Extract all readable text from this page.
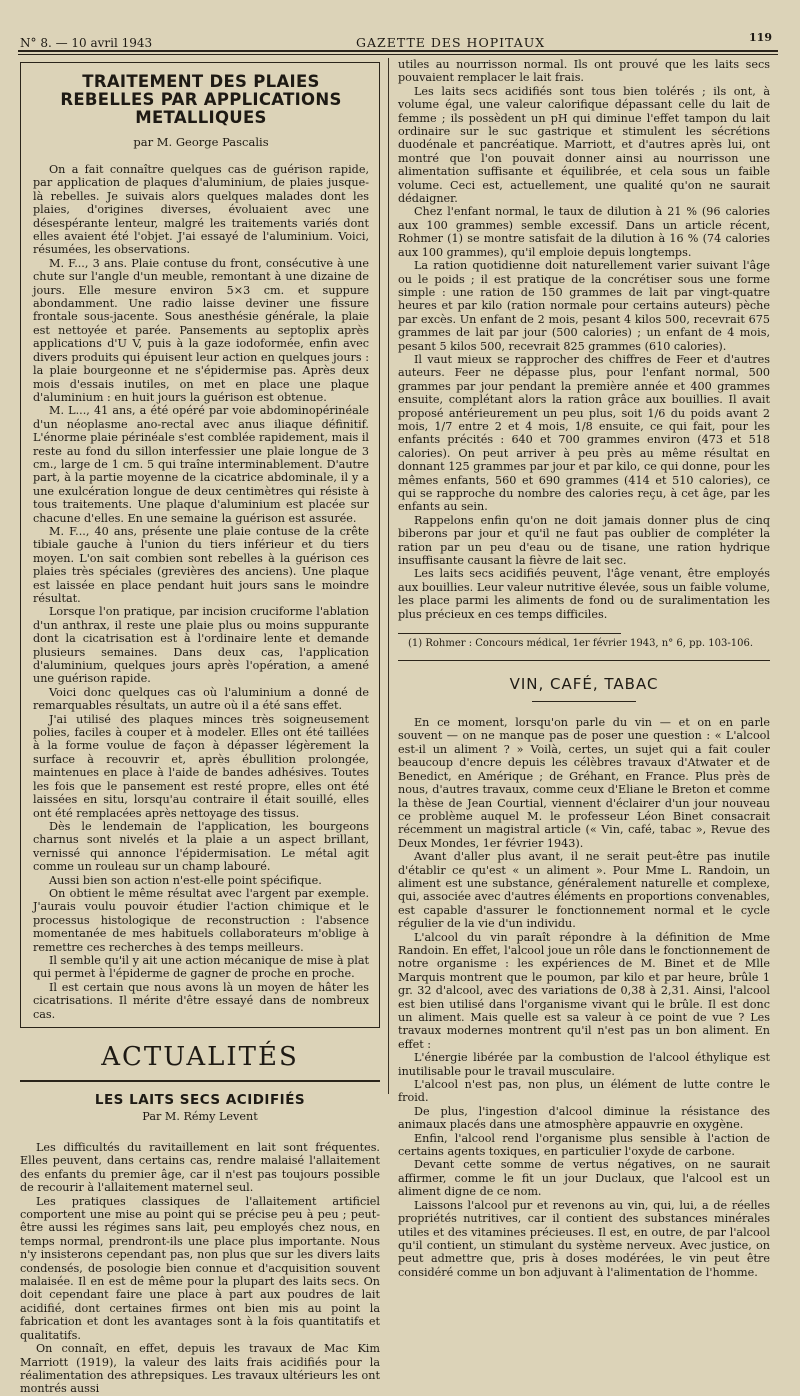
N° 8. — 10 avril 1943	GAZETTE DES HOPITAUX	119
TRAITEMENT DES PLAIES REBELLES PAR APPLICATIONS METALLIQUES
par M. George Pascalis

On a fait connaître quelques cas de guérison rapide, par application de plaques d'aluminium, de plaies jusque-là rebelles. Je suivais alors quelques malades dont les plaies, d'origines diverses, évoluaient avec une désespérante lenteur, malgré les traitements variés dont elles avaient été l'objet. J'ai essayé de l'aluminium. Voici, résumées, les observations.

M. F..., 3 ans. Plaie contuse du front, consécutive à une chute sur l'angle d'un meuble, remontant à une dizaine de jours. Elle mesure environ 5×3 cm. et suppure abondamment. Une radio laisse deviner une fissure frontale sous-jacente. Sous anesthésie générale, la plaie est nettoyée et parée. Pansements au septoplix après applications d'U V, puis à la gaze iodoformée, enfin avec divers produits qui épuisent leur action en quelques jours : la plaie bourgeonne et ne s'épidermise pas. Après deux mois d'essais inutiles, on met en place une plaque d'aluminium : en huit jours la guérison est obtenue.

M. L..., 41 ans, a été opéré par voie abdominopérinéale d'un néoplasme ano-rectal avec anus iliaque définitif. L'énorme plaie périnéale s'est comblée rapidement, mais il reste au fond du sillon interfessier une plaie longue de 3 cm., large de 1 cm. 5 qui traîne interminablement. D'autre part, à la partie moyenne de la cicatrice abdominale, il y a une exulcération longue de deux centimètres qui résiste à tous traitements. Une plaque d'aluminium est placée sur chacune d'elles. En une semaine la guérison est assurée.

M. F..., 40 ans, présente une plaie contuse de la crête tibiale gauche à l'union du tiers inférieur et du tiers moyen. L'on sait combien sont rebelles à la guérison ces plaies très spéciales (grevières des anciens). Une plaque est laissée en place pendant huit jours sans le moindre résultat.

Lorsque l'on pratique, par incision cruciforme l'ablation d'un anthrax, il reste une plaie plus ou moins suppurante dont la cicatrisation est à l'ordinaire lente et demande plusieurs semaines. Dans deux cas, l'application d'aluminium, quelques jours après l'opération, a amené une guérison rapide.

Voici donc quelques cas où l'aluminium a donné de remarquables résultats, un autre où il a été sans effet.

J'ai utilisé des plaques minces très soigneusement polies, faciles à couper et à modeler. Elles ont été taillées à la forme voulue de façon à dépasser légèrement la surface à recouvrir et, après ébullition prolongée, maintenues en place à l'aide de bandes adhésives. Toutes les fois que le pansement est resté propre, elles ont été laissées en situ, lorsqu'au contraire il était souillé, elles ont été remplacées après nettoyage des tissus.

Dès le lendemain de l'application, les bourgeons charnus sont nivelés et la plaie a un aspect brillant, vernissé qui annonce l'épidermisation. Le métal agit comme un rouleau sur un champ labouré.

Aussi bien son action n'est-elle point spécifique.

On obtient le même résultat avec l'argent par exemple. J'aurais voulu pouvoir étudier l'action chimique et le processus histologique de reconstruction : l'absence momentanée de mes habituels collaborateurs m'oblige à remettre ces recherches à des temps meilleurs.

Il semble qu'il y ait une action mécanique de mise à plat qui permet à l'épiderme de gagner de proche en proche.

Il est certain que nous avons là un moyen de hâter les cicatrisations. Il mérite d'être essayé dans de nombreux cas.

ACTUALITÉS
LES LAITS SECS ACIDIFIÉS
Par M. Rémy Levent

Les difficultés du ravitaillement en lait sont fréquentes. Elles peuvent, dans certains cas, rendre malaisé l'allaitement des enfants du premier âge, car il n'est pas toujours possible de recourir à l'allaitement maternel seul.

Les pratiques classiques de l'allaitement artificiel comportent une mise au point qui se précise peu à peu ; peut-être aussi les régimes sans lait, peu employés chez nous, en temps normal, prendront-ils une place plus importante. Nous n'y insisterons cependant pas, non plus que sur les divers laits condensés, de posologie bien connue et d'acquisition souvent malaisée. Il en est de même pour la plupart des laits secs. On doit cependant faire une place à part aux poudres de lait acidifié, dont certaines firmes ont bien mis au point la fabrication et dont les avantages sont à la fois quantitatifs et qualitatifs.

On connaît, en effet, depuis les travaux de Mac Kim Marriott (1919), la valeur des laits frais acidifiés pour la réalimentation des athrepsiques. Les travaux ultérieurs les ont montrés aussi

utiles au nourrisson normal. Ils ont prouvé que les laits secs pouvaient remplacer le lait frais.

Les laits secs acidifiés sont tous bien tolérés ; ils ont, à volume égal, une valeur calorifique dépassant celle du lait de femme ; ils possèdent un pH qui diminue l'effet tampon du lait ordinaire sur le suc gastrique et stimulent les sécrétions duodénale et pancréatique. Marriott, et d'autres après lui, ont montré que l'on pouvait donner ainsi au nourrisson une alimentation suffisante et équilibrée, et cela sous un faible volume. Ceci est, actuellement, une qualité qu'on ne saurait dédaigner.

Chez l'enfant normal, le taux de dilution à 21 % (96 calories aux 100 grammes) semble excessif. Dans un article récent, Rohmer (1) se montre satisfait de la dilution à 16 % (74 calories aux 100 grammes), qu'il emploie depuis longtemps.

La ration quotidienne doit naturellement varier suivant l'âge ou le poids ; il est pratique de la concrétiser sous une forme simple : une ration de 150 grammes de lait par vingt-quatre heures et par kilo (ration normale pour certains auteurs) pèche par excès. Un enfant de 2 mois, pesant 4 kilos 500, recevrait 675 grammes de lait par jour (500 calories) ; un enfant de 4 mois, pesant 5 kilos 500, recevrait 825 grammes (610 calories).

Il vaut mieux se rapprocher des chiffres de Feer et d'autres auteurs. Feer ne dépasse plus, pour l'enfant normal, 500 grammes par jour pendant la première année et 400 grammes ensuite, complétant alors la ration grâce aux bouillies. Il avait proposé antérieurement un peu plus, soit 1/6 du poids avant 2 mois, 1/7 entre 2 et 4 mois, 1/8 ensuite, ce qui fait, pour les enfants précités : 640 et 700 grammes environ (473 et 518 calories). On peut arriver à peu près au même résultat en donnant 125 grammes par jour et par kilo, ce qui donne, pour les mêmes enfants, 560 et 690 grammes (414 et 510 calories), ce qui se rapproche du nombre des calories reçu, à cet âge, par les enfants au sein.

Rappelons enfin qu'on ne doit jamais donner plus de cinq biberons par jour et qu'il ne faut pas oublier de compléter la ration par un peu d'eau ou de tisane, une ration hydrique insuffisante causant la fièvre de lait sec.

Les laits secs acidifiés peuvent, l'âge venant, être employés aux bouillies. Leur valeur nutritive élevée, sous un faible volume, les place parmi les aliments de fond ou de suralimentation les plus précieux en ces temps difficiles.

(1) Rohmer : Concours médical, 1er février 1943, n° 6, pp. 103-106.

VIN, CAFÉ, TABAC

En ce moment, lorsqu'on parle du vin — et on en parle souvent — on ne manque pas de poser une question : « L'alcool est-il un aliment ? » Voilà, certes, un sujet qui a fait couler beaucoup d'encre depuis les célèbres travaux d'Atwater et de Benedict, en Amérique ; de Gréhant, en France. Plus près de nous, d'autres travaux, comme ceux d'Eliane le Breton et comme la thèse de Jean Courtial, viennent d'éclairer d'un jour nouveau ce problème auquel M. le professeur Léon Binet consacrait récemment un magistral article (« Vin, café, tabac », Revue des Deux Mondes, 1er février 1943).

Avant d'aller plus avant, il ne serait peut-être pas inutile d'établir ce qu'est « un aliment ». Pour Mme L. Randoin, un aliment est une substance, généralement naturelle et complexe, qui, associée avec d'autres éléments en proportions convenables, est capable d'assurer le fonctionnement normal et le cycle régulier de la vie d'un individu.

L'alcool du vin paraît répondre à la définition de Mme Randoin. En effet, l'alcool joue un rôle dans le fonctionnement de notre organisme : les expériences de M. Binet et de Mlle Marquis montrent que le poumon, par kilo et par heure, brûle 1 gr. 32 d'alcool, avec des variations de 0,38 à 2,31. Ainsi, l'alcool est bien utilisé dans l'organisme vivant qui le brûle. Il est donc un aliment. Mais quelle est sa valeur à ce point de vue ? Les travaux modernes montrent qu'il n'est pas un bon aliment. En effet :

L'énergie libérée par la combustion de l'alcool éthylique est inutilisable pour le travail musculaire.

L'alcool n'est pas, non plus, un élément de lutte contre le froid.

De plus, l'ingestion d'alcool diminue la résistance des animaux placés dans une atmosphère appauvrie en oxygène.

Enfin, l'alcool rend l'organisme plus sensible à l'action de certains agents toxiques, en particulier l'oxyde de carbone.

Devant cette somme de vertus négatives, on ne saurait affirmer, comme le fit un jour Duclaux, que l'alcool est un aliment digne de ce nom.

Laissons l'alcool pur et revenons au vin, qui, lui, a de réelles propriétés nutritives, car il contient des substances minérales utiles et des vitamines précieuses. Il est, en outre, de par l'alcool qu'il contient, un stimulant du système nerveux. Avec justice, on peut admettre que, pris à doses modérées, le vin peut être considéré comme un bon adjuvant à l'alimentation de l'homme.
